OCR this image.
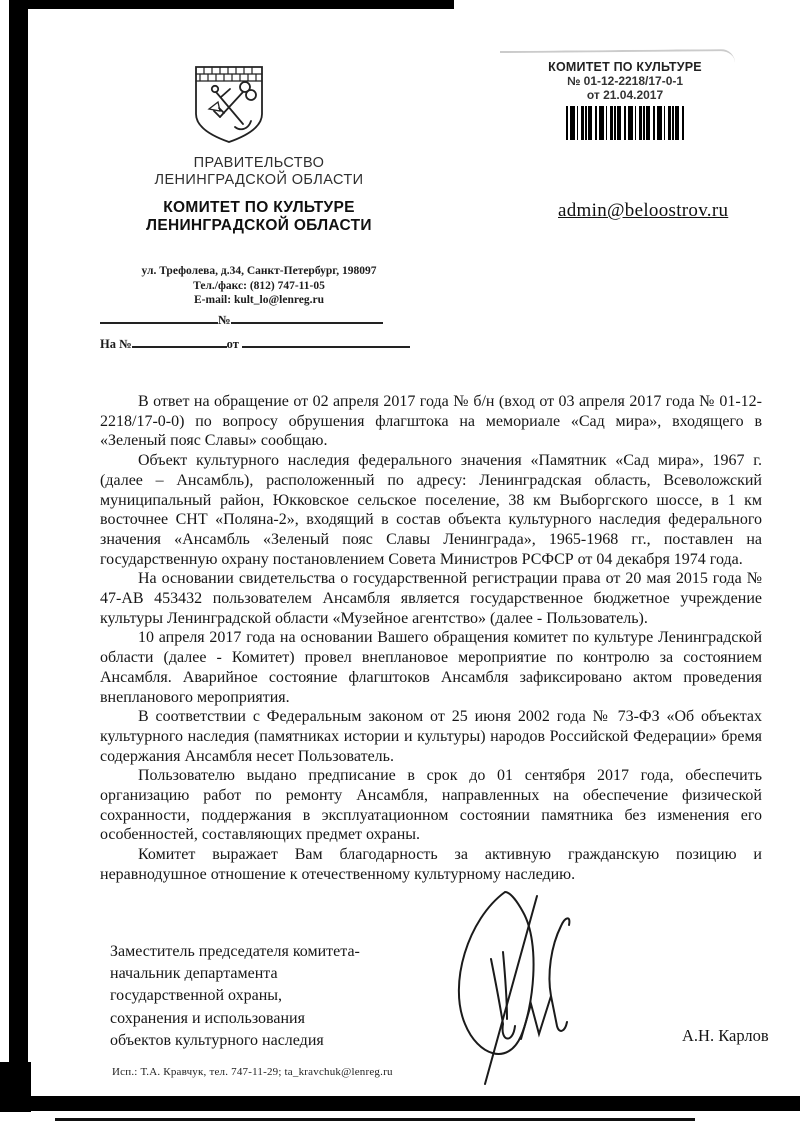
КОМИТЕТ ПО КУЛЬТУРЕ
№ 01-12-2218/17-0-1
от 21.04.2017
ПРАВИТЕЛЬСТВО
ЛЕНИНГРАДСКОЙ ОБЛАСТИ
КОМИТЕТ ПО КУЛЬТУРЕ
ЛЕНИНГРАДСКОЙ ОБЛАСТИ
ул. Трефолева, д.34, Санкт-Петербург, 198097
Тел./факс: (812) 747-11-05
E-mail: kult_lo@lenreg.ru
admin@beloostrov.ru
№
На №	от

В ответ на обращение от 02 апреля 2017 года № б/н (вход от 03 апреля 2017 года № 01-12-2218/17-0-0) по вопросу обрушения флагштока на мемориале «Сад мира», входящего в «Зеленый пояс Славы» сообщаю.

Объект культурного наследия федерального значения «Памятник «Сад мира», 1967 г. (далее – Ансамбль), расположенный по адресу: Ленинградская область, Всеволожский муниципальный район, Юкковское сельское поселение, 38 км Выборгского шоссе, в 1 км восточнее СНТ «Поляна-2», входящий в состав объекта культурного наследия федерального значения «Ансамбль «Зеленый пояс Славы Ленинграда», 1965-1968 гг., поставлен на государственную охрану постановлением Совета Министров РСФСР от 04 декабря 1974 года.

На основании свидетельства о государственной регистрации права от 20 мая 2015 года № 47-АВ 453432 пользователем Ансамбля является государственное бюджетное учреждение культуры Ленинградской области «Музейное агентство» (далее - Пользователь).

10 апреля 2017 года на основании Вашего обращения комитет по культуре Ленинградской области (далее - Комитет) провел внеплановое мероприятие по контролю за состоянием Ансамбля. Аварийное состояние флагштоков Ансамбля зафиксировано актом проведения внепланового мероприятия.

В соответствии с Федеральным законом от 25 июня 2002 года № 73-ФЗ «Об объектах культурного наследия (памятниках истории и культуры) народов Российской Федерации» бремя содержания Ансамбля несет Пользователь.

Пользователю выдано предписание в срок до 01 сентября 2017 года, обеспечить организацию работ по ремонту Ансамбля, направленных на обеспечение физической сохранности, поддержания в эксплуатационном состоянии памятника без изменения его особенностей, составляющих предмет охраны.

Комитет выражает Вам благодарность за активную гражданскую позицию и неравнодушное отношение к отечественному культурному наследию.

Заместитель председателя комитета-
начальник департамента
государственной охраны,
сохранения и использования
объектов культурного наследия	А.Н. Карлов
Исп.: Т.А. Кравчук, тел. 747-11-29; ta_kravchuk@lenreg.ru
